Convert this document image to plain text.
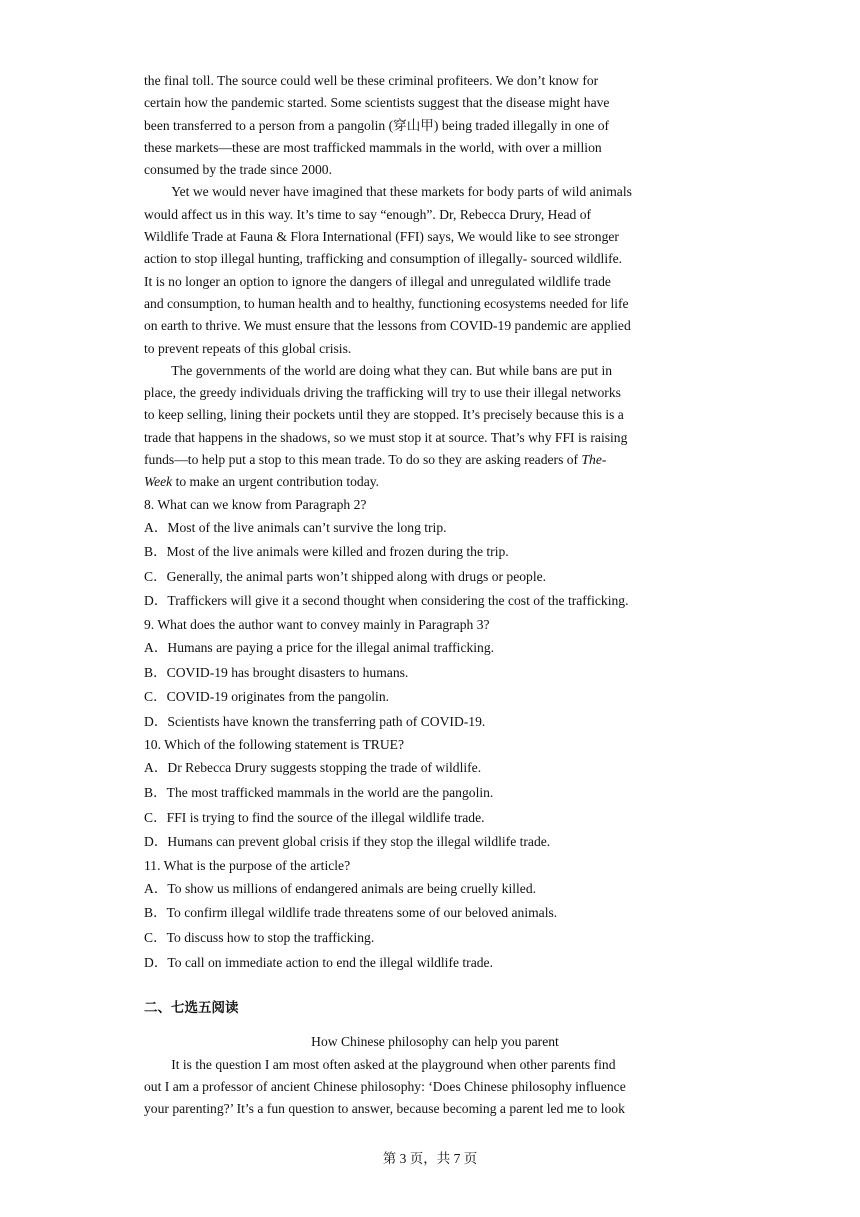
the final toll. The source could well be these criminal profiteers. We don’t know for
certain how the pandemic started. Some scientists suggest that the disease might have
been transferred to a person from a pangolin (穿山甲) being traded illegally in one of
these markets—these are most trafficked mammals in the world, with over a million
consumed by the trade since 2000.

Yet we would never have imagined that these markets for body parts of wild animals
would affect us in this way. It’s time to say “enough”. Dr, Rebecca Drury, Head of
Wildlife Trade at Fauna & Flora International (FFI) says, We would like to see stronger
action to stop illegal hunting, trafficking and consumption of illegally- sourced wildlife.
It is no longer an option to ignore the dangers of illegal and unregulated wildlife trade
and consumption, to human health and to healthy, functioning ecosystems needed for life
on earth to thrive. We must ensure that the lessons from COVID-19 pandemic are applied
to prevent repeats of this global crisis.

The governments of the world are doing what they can. But while bans are put in
place, the greedy individuals driving the trafficking will try to use their illegal networks
to keep selling, lining their pockets until they are stopped. It’s precisely because this is a
trade that happens in the shadows, so we must stop it at source. That’s why FFI is raising
funds—to help put a stop to this mean trade. To do so they are asking readers of The-
Week to make an urgent contribution today.

8. What can we know from Paragraph 2?

A．Most of the live animals can’t survive the long trip.

B．Most of the live animals were killed and frozen during the trip.

C．Generally, the animal parts won’t shipped along with drugs or people.

D．Traffickers will give it a second thought when considering the cost of the trafficking.

9. What does the author want to convey mainly in Paragraph 3?

A．Humans are paying a price for the illegal animal trafficking.

B．COVID-19 has brought disasters to humans.

C．COVID-19 originates from the pangolin.

D．Scientists have known the transferring path of COVID-19.

10. Which of the following statement is TRUE?

A．Dr Rebecca Drury suggests stopping the trade of wildlife.

B．The most trafficked mammals in the world are the pangolin.

C．FFI is trying to find the source of the illegal wildlife trade.

D．Humans can prevent global crisis if they stop the illegal wildlife trade.

11. What is the purpose of the article?

A．To show us millions of endangered animals are being cruelly killed.

B．To confirm illegal wildlife trade threatens some of our beloved animals.

C．To discuss how to stop the trafficking.

D．To call on immediate action to end the illegal wildlife trade.

二、七选五阅读

How Chinese philosophy can help you parent

It is the question I am most often asked at the playground when other parents find
out I am a professor of ancient Chinese philosophy: ‘Does Chinese philosophy influence
your parenting?’ It’s a fun question to answer, because becoming a parent led me to look

第 3 页，共 7 页
